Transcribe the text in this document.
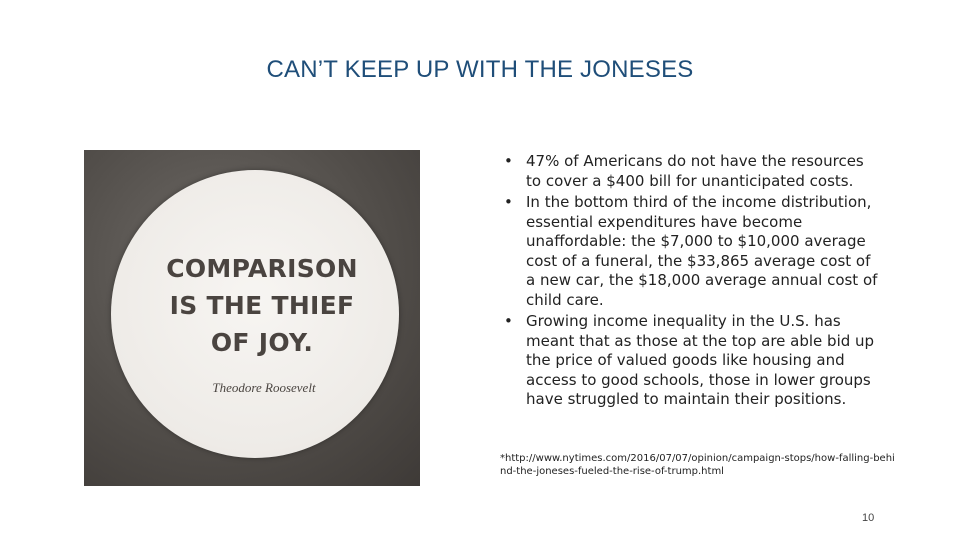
CAN’T KEEP UP WITH THE JONESES
COMPARISON IS THE THIEF OF JOY.
Theodore Roosevelt
• 47% of Americans do not have the resources to cover a $400 bill for unanticipated costs.
• In the bottom third of the income distribution, essential expenditures have become unaffordable: the $7,000 to $10,000 average cost of a funeral, the $33,865 average cost of a new car, the $18,000 average annual cost of child care.
• Growing income inequality in the U.S. has meant that as those at the top are able bid up the price of valued goods like housing and access to good schools, those in lower groups have struggled to maintain their positions.
*http://www.nytimes.com/2016/07/07/opinion/campaign-stops/how-falling-behind-the-joneses-fueled-the-rise-of-trump.html
10
